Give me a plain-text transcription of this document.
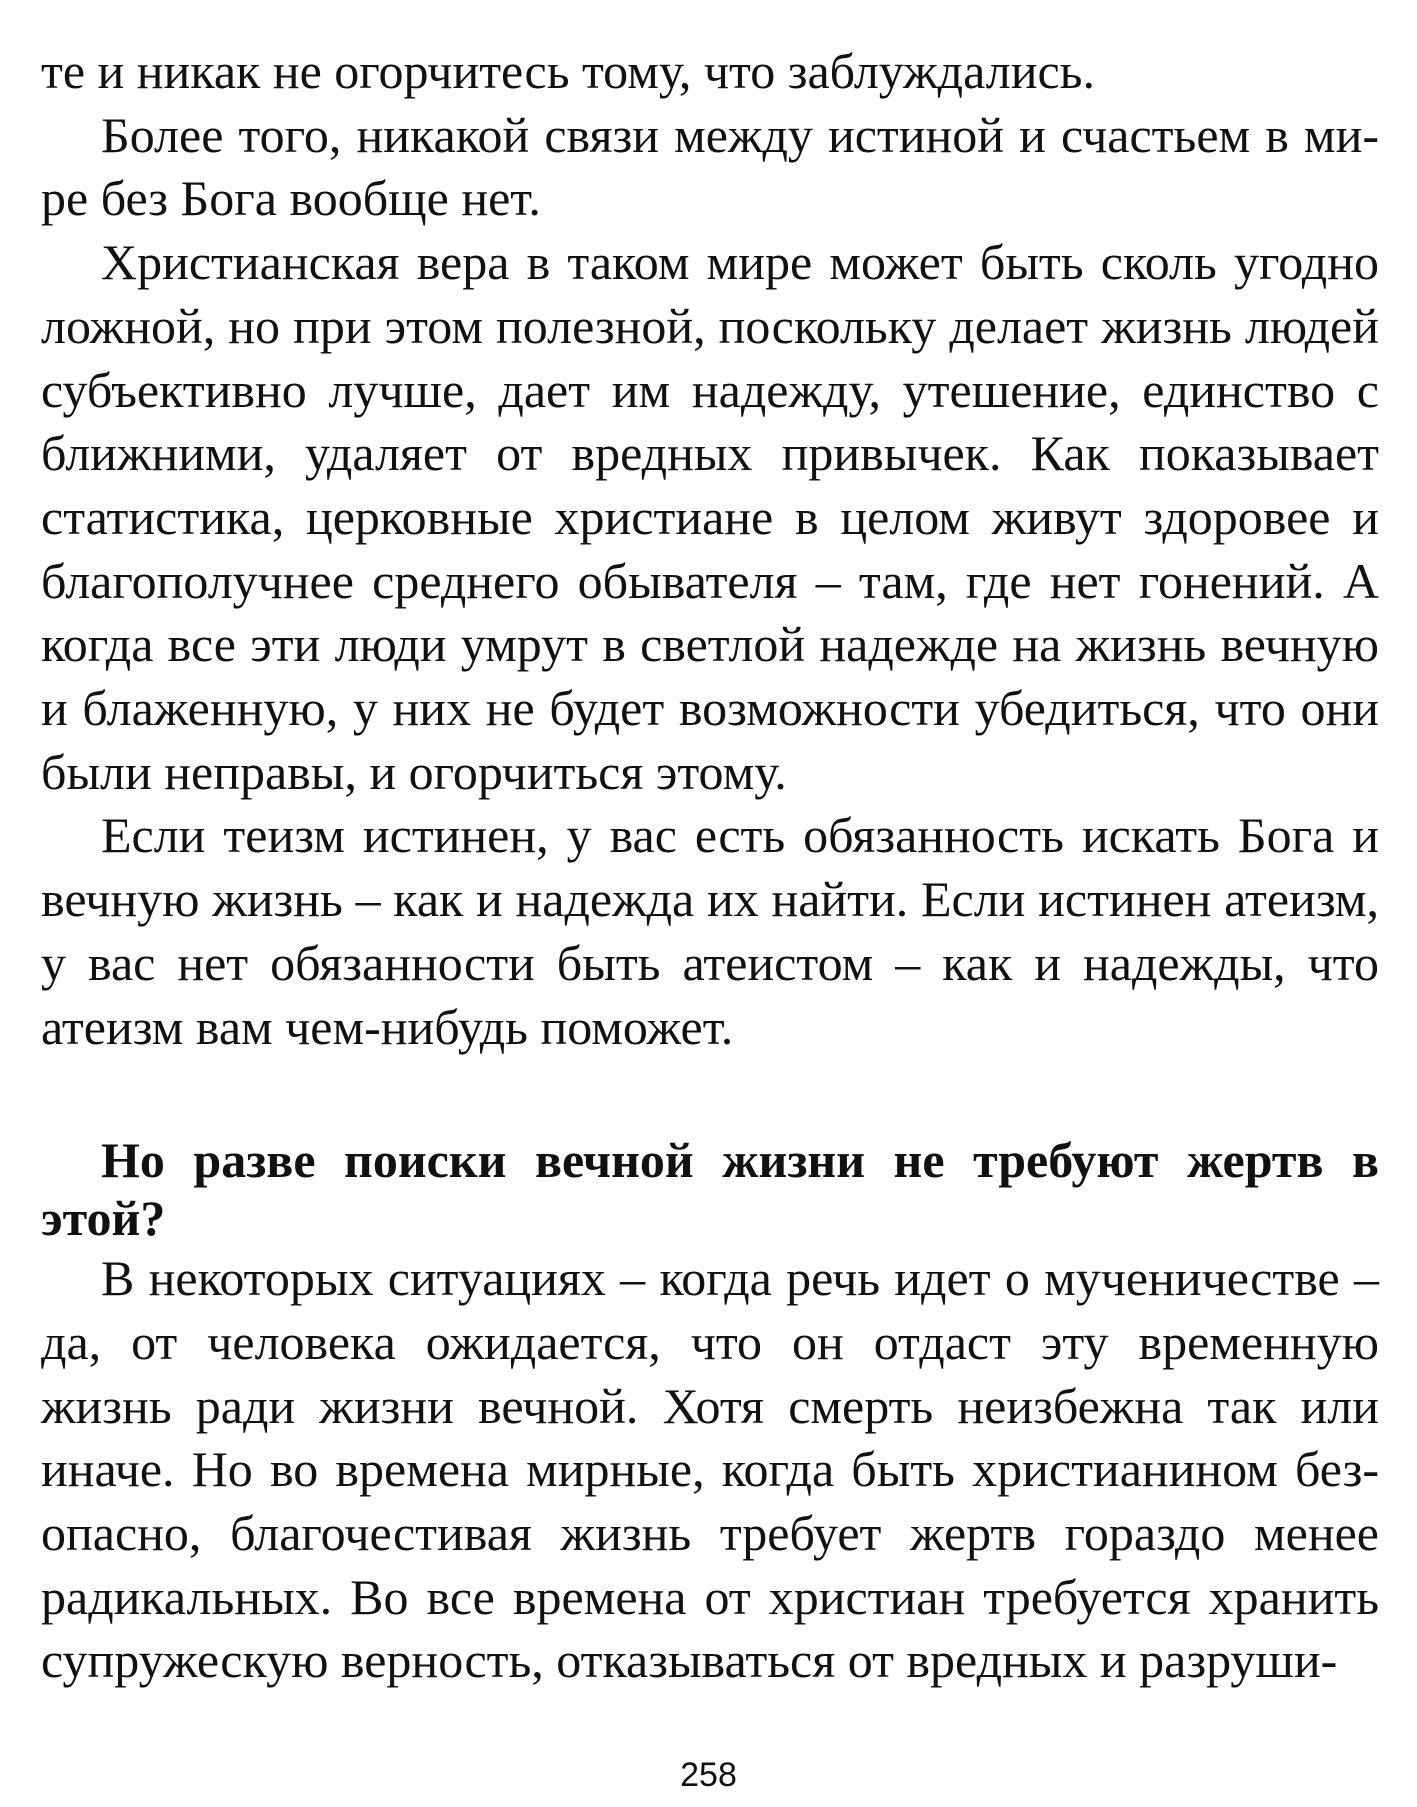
те и никак не огорчитесь тому, что заблуждались.

Более того, никакой связи между истиной и счастьем в мире без Бога вообще нет.

Христианская вера в таком мире может быть сколь угодно ложной, но при этом полезной, поскольку делает жизнь людей субъективно лучше, дает им надежду, утешение, единство с ближними, удаляет от вредных привычек. Как показывает статистика, церковные христиане в целом живут здоровее и благополучнее среднего обывателя – там, где нет гонений. А когда все эти люди умрут в светлой надежде на жизнь вечную и блаженную, у них не будет возможности убедиться, что они были неправы, и огорчиться этому.

Если теизм истинен, у вас есть обязанность искать Бога и вечную жизнь – как и надежда их найти. Если истинен атеизм, у вас нет обязанности быть атеистом – как и надежды, что атеизм вам чем-нибудь поможет.

Но разве поиски вечной жизни не требуют жертв в этой?

В некоторых ситуациях – когда речь идет о мученичестве – да, от человека ожидается, что он отдаст эту временную жизнь ради жизни вечной. Хотя смерть неизбежна так или иначе. Но во времена мирные, когда быть христианином безопасно, благочестивая жизнь требует жертв гораздо менее радикальных. Во все времена от христиан требуется хранить супружескую верность, отказываться от вредных и разруши-

258
